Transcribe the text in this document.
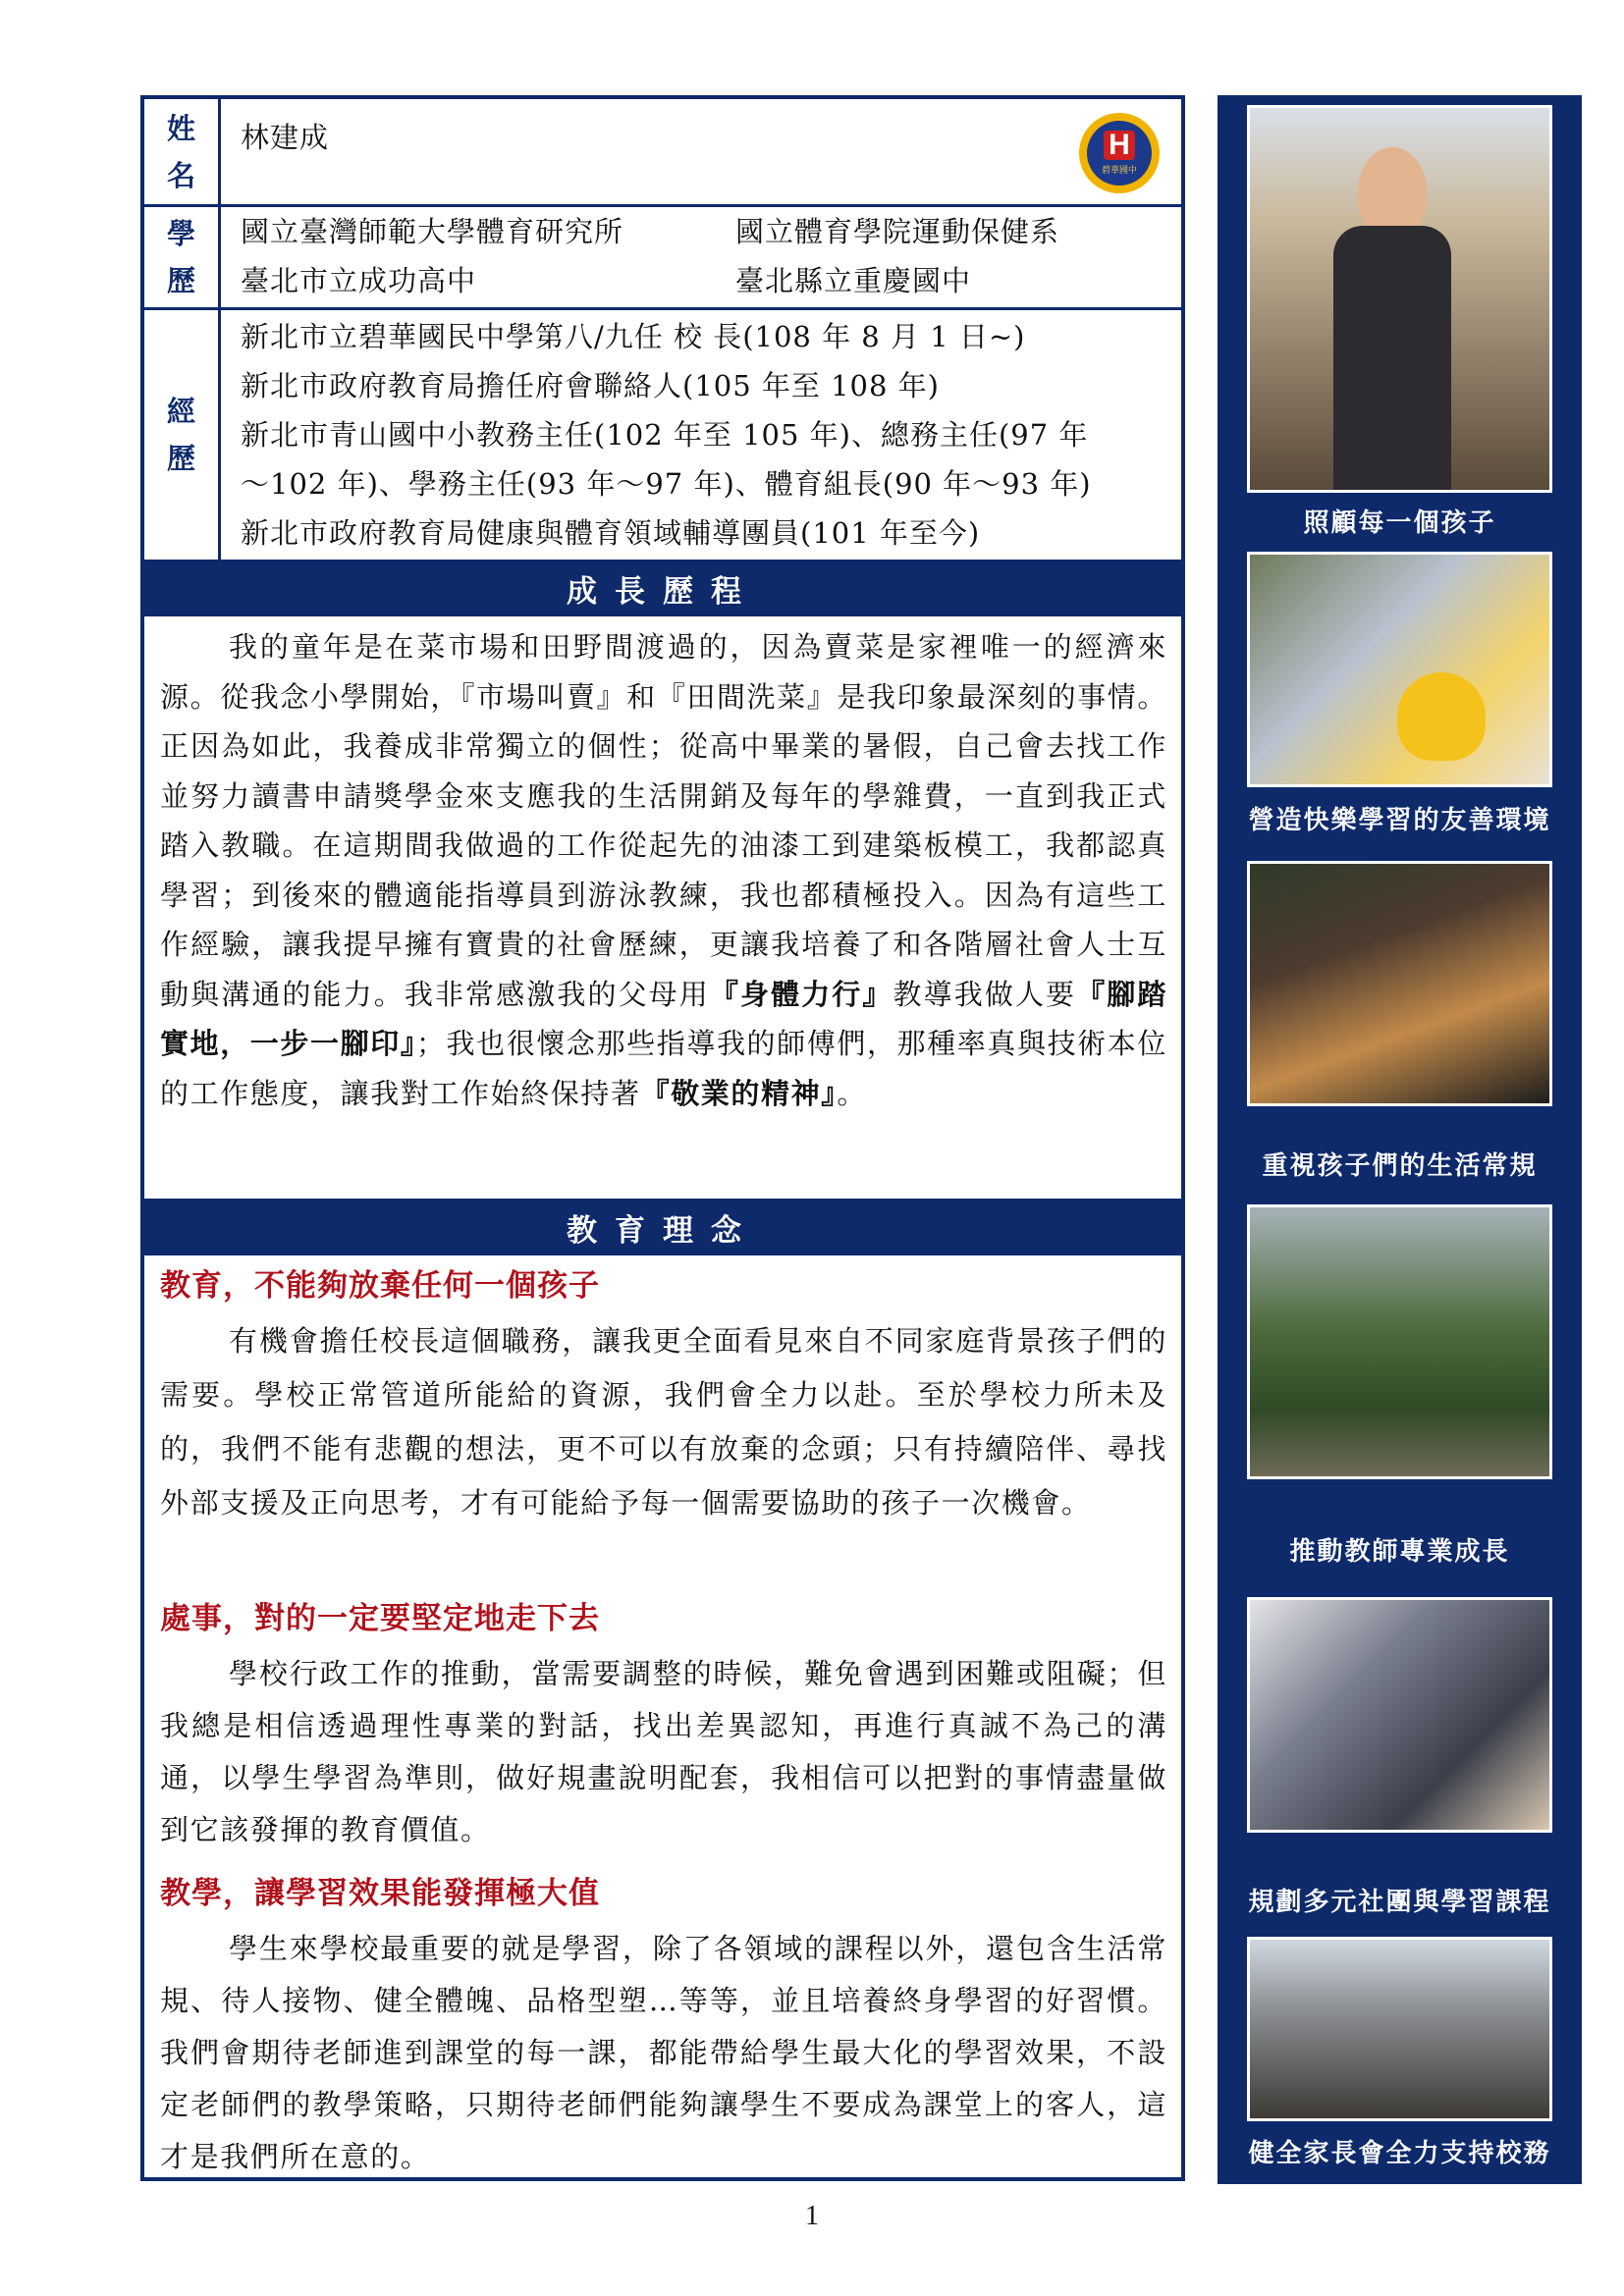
姓
名
林建成	H
碧華國中
學
歷
國立臺灣師範大學體育研究所	國立體育學院運動保健系
臺北市立成功高中	臺北縣立重慶國中
經
歷
新北市立碧華國民中學第八/九任 校 長(108 年 8 月 1 日~)
新北市政府教育局擔任府會聯絡人(105 年至 108 年)
新北市青山國中小教務主任(102 年至 105 年)、總務主任(97 年
～102 年)、學務主任(93 年～97 年)、體育組長(90 年～93 年)
新北市政府教育局健康與體育領域輔導團員(101 年至今)
成長歷程
我的童年是在菜市場和田野間渡過的，因為賣菜是家裡唯一的經濟來源。從我念小學開始，『市場叫賣』和『田間洗菜』是我印象最深刻的事情。正因為如此，我養成非常獨立的個性；從高中畢業的暑假，自己會去找工作並努力讀書申請獎學金來支應我的生活開銷及每年的學雜費，一直到我正式踏入教職。在這期間我做過的工作從起先的油漆工到建築板模工，我都認真學習；到後來的體適能指導員到游泳教練，我也都積極投入。因為有這些工作經驗，讓我提早擁有寶貴的社會歷練，更讓我培養了和各階層社會人士互動與溝通的能力。我非常感激我的父母用『身體力行』教導我做人要『腳踏實地，一步一腳印』；我也很懷念那些指導我的師傅們，那種率真與技術本位的工作態度，讓我對工作始終保持著『敬業的精神』。
教育理念
教育，不能夠放棄任何一個孩子
有機會擔任校長這個職務，讓我更全面看見來自不同家庭背景孩子們的需要。學校正常管道所能給的資源，我們會全力以赴。至於學校力所未及的，我們不能有悲觀的想法，更不可以有放棄的念頭；只有持續陪伴、尋找外部支援及正向思考，才有可能給予每一個需要協助的孩子一次機會。
處事，對的一定要堅定地走下去
學校行政工作的推動，當需要調整的時候，難免會遇到困難或阻礙；但我總是相信透過理性專業的對話，找出差異認知，再進行真誠不為己的溝通，以學生學習為準則，做好規畫說明配套，我相信可以把對的事情盡量做到它該發揮的教育價值。
教學，讓學習效果能發揮極大值
學生來學校最重要的就是學習，除了各領域的課程以外，還包含生活常規、待人接物、健全體魄、品格型塑…等等，並且培養終身學習的好習慣。我們會期待老師進到課堂的每一課，都能帶給學生最大化的學習效果，不設定老師們的教學策略，只期待老師們能夠讓學生不要成為課堂上的客人，這才是我們所在意的。
照顧每一個孩子
營造快樂學習的友善環境
重視孩子們的生活常規
推動教師專業成長
規劃多元社團與學習課程
健全家長會全力支持校務
1
